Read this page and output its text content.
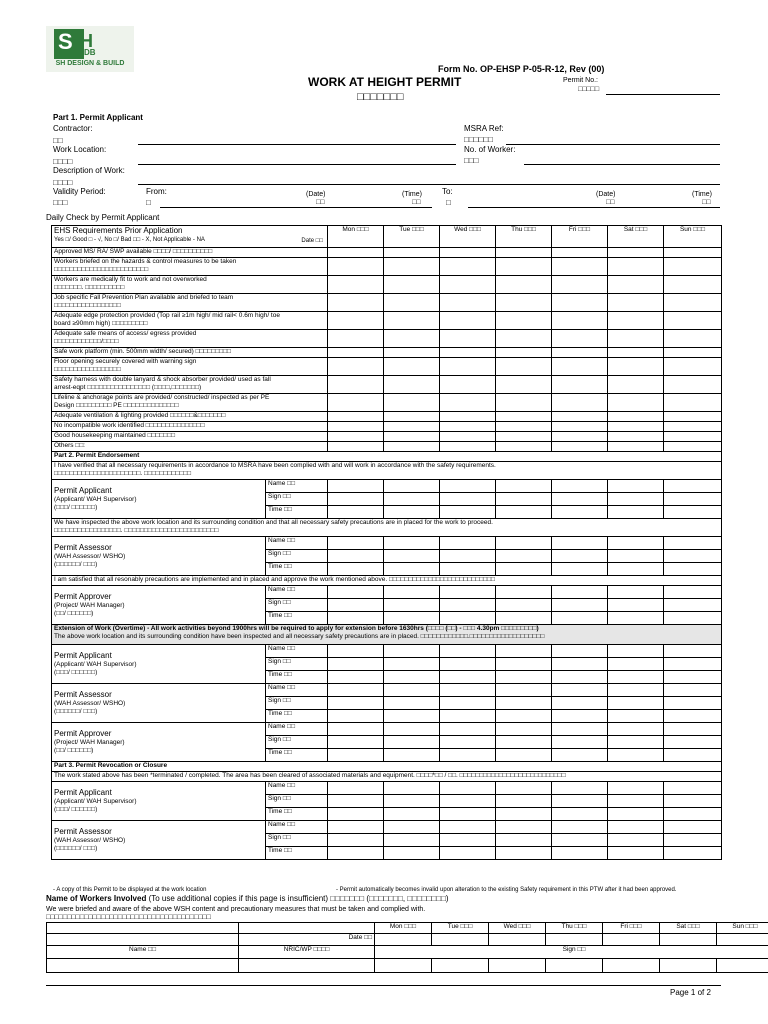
S H
DB
SH DESIGN & BUILD
Form No. OP-EHSP P-05-R-12, Rev (00)
WORK AT HEIGHT PERMIT
□□□□□□□
Permit No.:
□□□□□
Part 1. Permit Applicant
Contractor:
□□
MSRA Ref:
□□□□□□
Work Location:
□□□□
No. of Worker:
□□□
Description of Work:
□□□□
Validity Period:
□□□
From:
□
(Date)
□□
(Time)
□□
To:
□
(Date)
□□
(Time)
□□
Daily Check by Permit Applicant
EHS Requirements Prior Application
Yes □/ Good □ - √, No □/ Bad □□ - X, Not Applicable - NA Date □□		Mon □□□	Tue □□□	Wed □□□	Thu □□□	Fri □□□	Sat □□□	Sun □□□

Approved MS/ RA/ SWP available □□□□/ □□□□□□□□□□								

Workers briefed on the hazards & control measures to be taken
□□□□□□□□□□□□□□□□□□□□□□□□								

Workers are medically fit to work and not overworked
□□□□□□□. □□□□□□□□□□								

Job specific Fall Prevention Plan available and briefed to team
□□□□□□□□□□□□□□□□□								

Adequate edge protection provided (Top rail ≥1m high/ mid rail< 0.6m high/ toe
board ≥90mm high) □□□□□□□□□								

Adequate safe means of access/ egress provided
□□□□□□□□□□□□/□□□□								

Safe work platform (min. 500mm width/ secured) □□□□□□□□□								

Floor opening securely covered with warning sign
□□□□□□□□□□□□□□□□□								

Safety harness with double lanyard & shock absorber provided/ used as fall
arrest-eqpt □□□□□□□□□□□□□□□□ (□□□□,□□□□□□□)								

Lifeline & anchorage points are provided/ constructed/ inspected as per PE
Design □□□□□□□□□ PE □□□□□□□□□□□□□□								

Adequate ventilation & lighting provided □□□□□□&□□□□□□□								

No incompatible work identified □□□□□□□□□□□□□□□								

Good housekeeping maintained □□□□□□□								

Others □□:								

Part 2. Permit Endorsement								

I have verified that all necessary requirements in accordance to MSRA have been complied with and will work in accordance with the safety requirements.
□□□□□□□□□□□□□□□□□□□□□□. □□□□□□□□□□□□								

Permit Applicant
(Applicant/ WAH Supervisor)
(□□□/ □□□□□□)	Name □□							
	Sign □□							
	Time □□							

We have inspected the above work location and its surrounding condition and that all necessary safety precautions are in placed for the work to proceed.
□□□□□□□□□□□□□□□□□. □□□□□□□□□□□□□□□□□□□□□□□□								

Permit Assessor
(WAH Assessor/ WSHO)
(□□□□□□/ □□□)	Name □□							
	Sign □□							
	Time □□							
I am satisfied that all resonably precautions are implemented and in placed and approve the work mentioned above. □□□□□□□□□□□□□□□□□□□□□□□□□□□								

Permit Approver
(Project/ WAH Manager)
(□□/ □□□□□□)	Name □□							
	Sign □□							
	Time □□							

Extension of Work (Overtime) - All work activities beyond 1900hrs will be required to apply for extension before 1630hrs (□□□□ (□□) - □□□ 4.30pm □□□□□□□□□)
The above work location and its surrounding condition have been inspected and all necessary safety precautions are in placed. □□□□□□□□□□□□.□□□□□□□□□□□□□□□□□□□								

Permit Applicant
(Applicant/ WAH Supervisor)
(□□□/ □□□□□□)	Name □□							
	Sign □□							
	Time □□							

Permit Assessor
(WAH Assessor/ WSHO)
(□□□□□□/ □□□)	Name □□							
	Sign □□							
	Time □□							

Permit Approver
(Project/ WAH Manager)
(□□/ □□□□□□)	Name □□							
	Sign □□							
	Time □□							
Part 3. Permit Revocation or Closure								
The work stated above has been *terminated / completed. The area has been cleared of associated materials and equipment. □□□□*□□ / □□. □□□□□□□□□□□□□□□□□□□□□□□□□□□								

Permit Applicant
(Applicant/ WAH Supervisor)
(□□□/ □□□□□□)	Name □□							
	Sign □□							
	Time □□							

Permit Assessor
(WAH Assessor/ WSHO)
(□□□□□□/ □□□)	Name □□							
	Sign □□							
	Time □□							
- A copy of this Permit to be displayed at the work location	- Permit automatically becomes invalid upon alteration to the existing Safety requirement in this PTW after it had been approved.
Name of Workers Involved (To use additional copies if this page is insufficient) □□□□□□□ (□□□□□□□, □□□□□□□□)
We were briefed and aware of the above WSH content and precautionary measures that must be taken and complied with.
□□□□□□□□□□□□□□□□□□□□□□□□□□□□□□□□□□□□□□□
		Mon □□□	Tue □□□	Wed □□□	Thu □□□	Fri □□□	Sat □□□	Sun □□□
	Date □□							
Name □□	NRIC/WP □□□□	Sign □□						

Page 1 of 2
